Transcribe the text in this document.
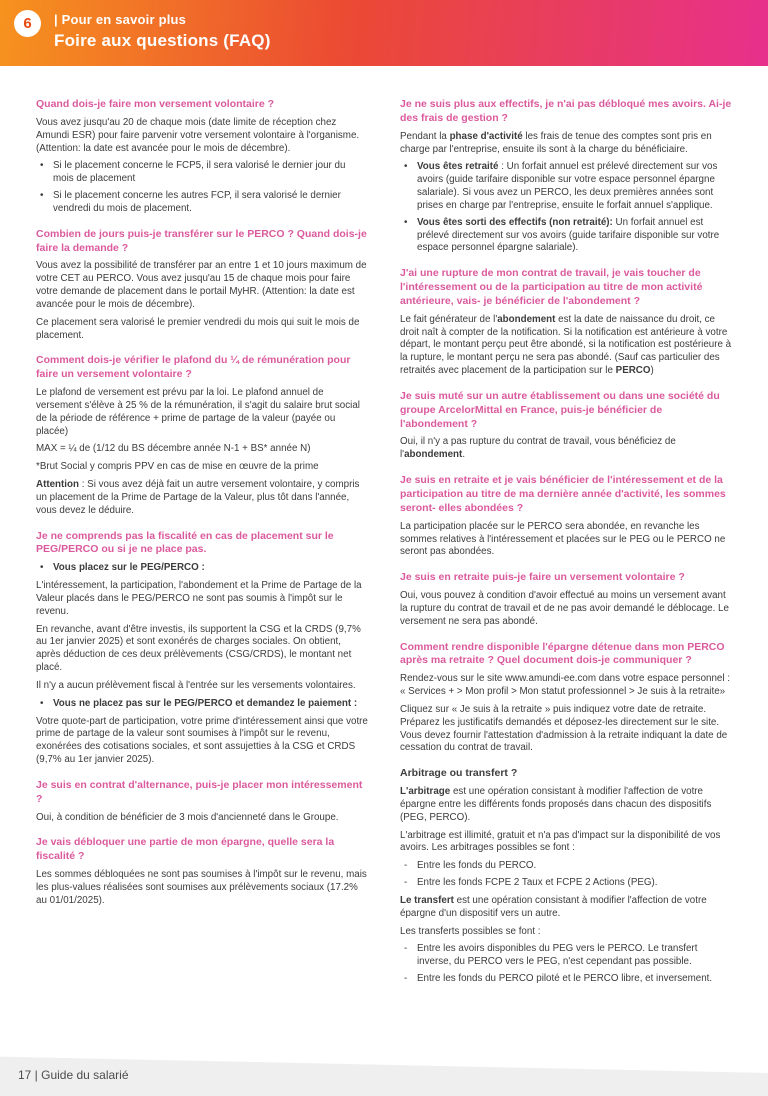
6 | Pour en savoir plus
Foire aux questions (FAQ)
Quand dois-je faire mon versement volontaire ?

Vous avez jusqu'au 20 de chaque mois (date limite de réception chez Amundi ESR) pour faire parvenir votre versement volontaire à l'organisme. (Attention: la date est avancée pour le mois de décembre).

• Si le placement concerne le FCP5, il sera valorisé le dernier jour du mois de placement
• Si le placement concerne les autres FCP, il sera valorisé le dernier vendredi du mois de placement.
Combien de jours puis-je transférer sur le PERCO ? Quand dois-je faire la demande ?

Vous avez la possibilité de transférer par an entre 1 et 10 jours maximum de votre CET au PERCO. Vous avez jusqu'au 15 de chaque mois pour faire votre demande de placement dans le portail MyHR. (Attention: la date est avancée pour le mois de décembre).

Ce placement sera valorisé le premier vendredi du mois qui suit le mois de placement.

Comment dois-je vérifier le plafond du ¼ de rémunération pour faire un versement volontaire ?

Le plafond de versement est prévu par la loi. Le plafond annuel de versement s'élève à 25 % de la rémunération, il s'agit du salaire brut social de la période de référence + prime de partage de la valeur (payée ou placée)

MAX = ¼ de (1/12 du BS décembre année N-1 + BS* année N)

*Brut Social y compris PPV en cas de mise en œuvre de la prime

Attention : Si vous avez déjà fait un autre versement volontaire, y compris un placement de la Prime de Partage de la Valeur, plus tôt dans l'année, vous devez le déduire.

Je ne comprends pas la fiscalité en cas de placement sur le PEG/PERCO ou si je ne place pas.
• Vous placez sur le PEG/PERCO :

L'intéressement, la participation, l'abondement et la Prime de Partage de la Valeur placés dans le PEG/PERCO ne sont pas soumis à l'impôt sur le revenu.

En revanche, avant d'être investis, ils supportent la CSG et la CRDS (9,7% au 1er janvier 2025) et sont exonérés de charges sociales. On obtient, après déduction de ces deux prélèvements (CSG/CRDS), le montant net placé.

Il n'y a aucun prélèvement fiscal à l'entrée sur les versements volontaires.

• Vous ne placez pas sur le PEG/PERCO et demandez le paiement :

Votre quote-part de participation, votre prime d'intéressement ainsi que votre prime de partage de la valeur sont soumises à l'impôt sur le revenu, exonérées des cotisations sociales, et sont assujetties à la CSG et CRDS (9,7% au 1er janvier 2025).

Je suis en contrat d'alternance, puis-je placer mon intéressement ?

Oui, à condition de bénéficier de 3 mois d'ancienneté dans le Groupe.

Je vais débloquer une partie de mon épargne, quelle sera la fiscalité ?

Les sommes débloquées ne sont pas soumises à l'impôt sur le revenu, mais les plus-values réalisées sont soumises aux prélèvements sociaux (17.2% au 01/01/2025).

Je ne suis plus aux effectifs, je n'ai pas débloqué mes avoirs. Ai-je des frais de gestion ?

Pendant la phase d'activité les frais de tenue des comptes sont pris en charge par l'entreprise, ensuite ils sont à la charge du bénéficiaire.

• Vous êtes retraité : Un forfait annuel est prélevé directement sur vos avoirs (guide tarifaire disponible sur votre espace personnel épargne salariale). Si vous avez un PERCO, les deux premières années sont prises en charge par l'entreprise, ensuite le forfait annuel s'applique.
• Vous êtes sorti des effectifs (non retraité): Un forfait annuel est prélevé directement sur vos avoirs (guide tarifaire disponible sur votre espace personnel épargne salariale).
J'ai une rupture de mon contrat de travail, je vais toucher de l'intéressement ou de la participation au titre de mon activité antérieure, vais- je bénéficier de l'abondement ?

Le fait générateur de l'abondement est la date de naissance du droit, ce droit naît à compter de la notification. Si la notification est antérieure à votre départ, le montant perçu peut être abondé, si la notification est postérieure à la rupture, le montant perçu ne sera pas abondé. (Sauf cas particulier des retraités avec placement de la participation sur le PERCO)

Je suis muté sur un autre établissement ou dans une société du groupe ArcelorMittal en France, puis-je bénéficier de l'abondement ?

Oui, il n'y a pas rupture du contrat de travail, vous bénéficiez de l'abondement.

Je suis en retraite et je vais bénéficier de l'intéressement et de la participation au titre de ma dernière année d'activité, les sommes seront- elles abondées ?

La participation placée sur le PERCO sera abondée, en revanche les sommes relatives à l'intéressement et placées sur le PEG ou le PERCO ne seront pas abondées.

Je suis en retraite puis-je faire un versement volontaire ?

Oui, vous pouvez à condition d'avoir effectué au moins un versement avant la rupture du contrat de travail et de ne pas avoir demandé le déblocage. Le versement ne sera pas abondé.

Comment rendre disponible l'épargne détenue dans mon PERCO après ma retraite ? Quel document dois-je communiquer ?

Rendez-vous sur le site www.amundi-ee.com dans votre espace personnel : « Services + > Mon profil > Mon statut professionnel > Je suis à la retraite»

Cliquez sur « Je suis à la retraite » puis indiquez votre date de retraite. Préparez les justificatifs demandés et déposez-les directement sur le site. Vous devez fournir l'attestation d'admission à la retraite indiquant la date de cessation du contrat de travail.

Arbitrage ou transfert ?

L'arbitrage est une opération consistant à modifier l'affection de votre épargne entre les différents fonds proposés dans chacun des dispositifs (PEG, PERCO).

L'arbitrage est illimité, gratuit et n'a pas d'impact sur la disponibilité de vos avoirs. Les arbitrages possibles se font :

- Entre les fonds du PERCO.
- Entre les fonds FCPE 2 Taux et FCPE 2 Actions (PEG).

Le transfert est une opération consistant à modifier l'affection de votre épargne d'un dispositif vers un autre.

Les transferts possibles se font :

- Entre les avoirs disponibles du PEG vers le PERCO. Le transfert inverse, du PERCO vers le PEG, n'est cependant pas possible.
- Entre les fonds du PERCO piloté et le PERCO libre, et inversement.
17 | Guide du salarié
